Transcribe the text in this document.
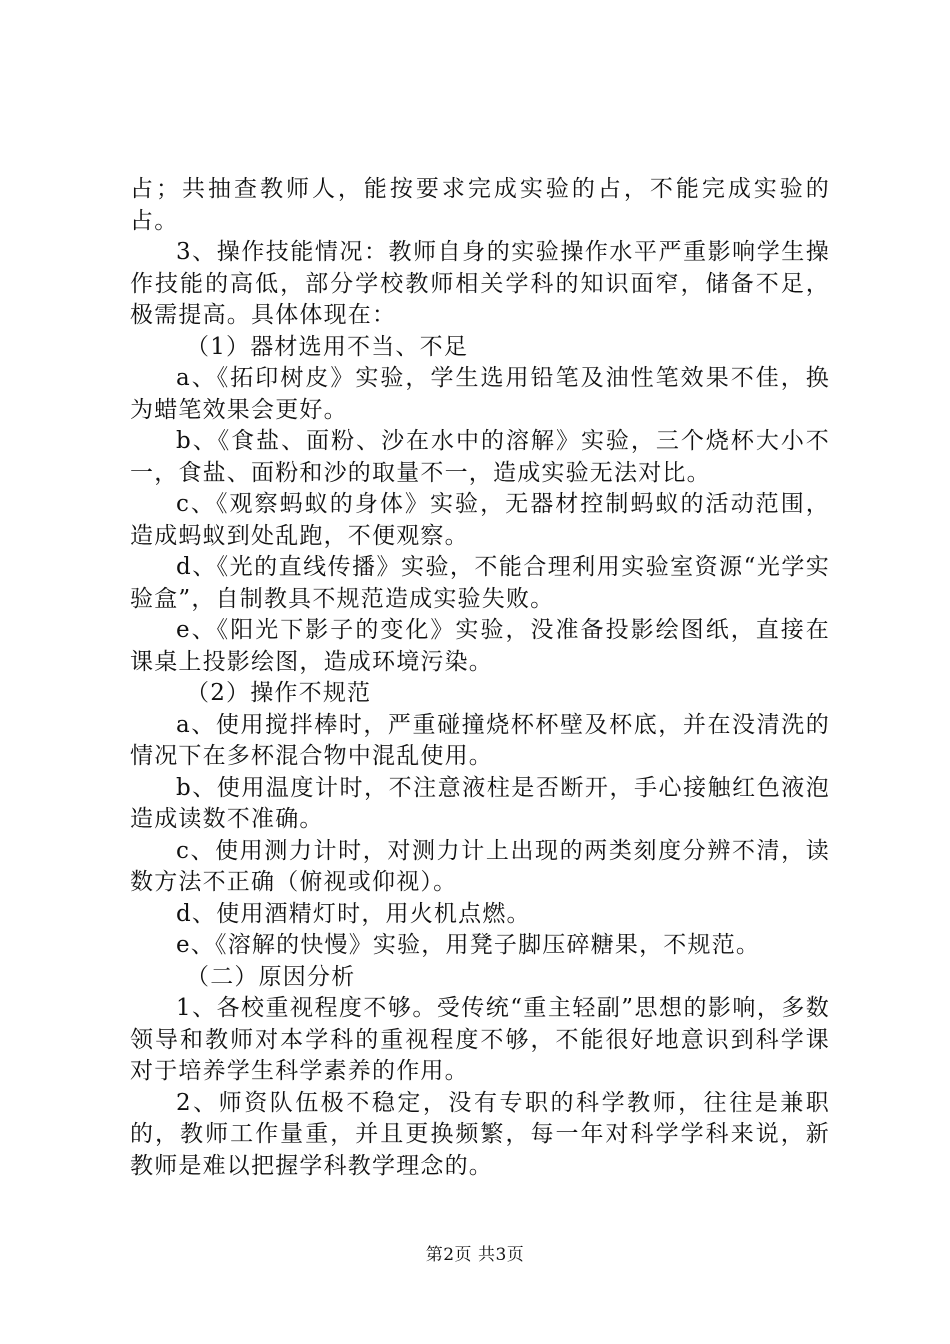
占；共抽查教师人，能按要求完成实验的占，不能完成实验的占。

3、操作技能情况：教师自身的实验操作水平严重影响学生操作技能的高低，部分学校教师相关学科的知识面窄，储备不足，极需提高。具体体现在：

（1）器材选用不当、不足

a、《拓印树皮》实验，学生选用铅笔及油性笔效果不佳，换为蜡笔效果会更好。

b、《食盐、面粉、沙在水中的溶解》实验，三个烧杯大小不一，食盐、面粉和沙的取量不一，造成实验无法对比。

c、《观察蚂蚁的身体》实验，无器材控制蚂蚁的活动范围，造成蚂蚁到处乱跑，不便观察。

d、《光的直线传播》实验，不能合理利用实验室资源“光学实验盒”，自制教具不规范造成实验失败。

e、《阳光下影子的变化》实验，没准备投影绘图纸，直接在课桌上投影绘图，造成环境污染。

（2）操作不规范

a、使用搅拌棒时，严重碰撞烧杯杯壁及杯底，并在没清洗的情况下在多杯混合物中混乱使用。

b、使用温度计时，不注意液柱是否断开，手心接触红色液泡造成读数不准确。

c、使用测力计时，对测力计上出现的两类刻度分辨不清，读数方法不正确（俯视或仰视）。

d、使用酒精灯时，用火机点燃。

e、《溶解的快慢》实验，用凳子脚压碎糖果，不规范。

（二）原因分析

1、各校重视程度不够。受传统“重主轻副”思想的影响，多数领导和教师对本学科的重视程度不够，不能很好地意识到科学课对于培养学生科学素养的作用。

2、师资队伍极不稳定，没有专职的科学教师，往往是兼职的，教师工作量重，并且更换频繁，每一年对科学学科来说，新教师是难以把握学科教学理念的。

第2页 共3页
